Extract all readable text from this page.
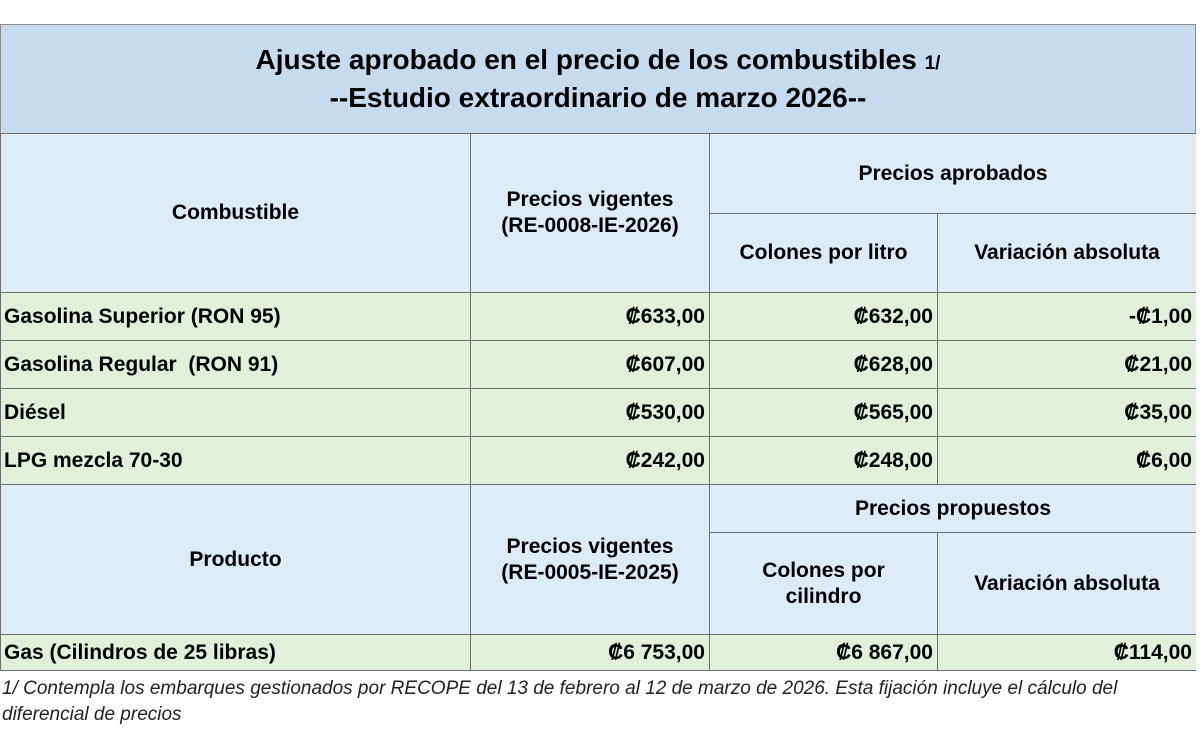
Ajuste aprobado en el precio de los combustibles 1/
--Estudio extraordinario de marzo 2026--
Combustible	Precios vigentes (RE-0008-IE-2026)	Precios aprobados	
		Colones por litro	Variación absoluta
Gasolina Superior (RON 95)	₡633,00	₡632,00	-₡1,00
Gasolina Regular  (RON 91)	₡607,00	₡628,00	₡21,00
Diésel	₡530,00	₡565,00	₡35,00
LPG mezcla 70-30	₡242,00	₡248,00	₡6,00
Producto	Precios vigentes (RE-0005-IE-2025)	Precios propuestos	
		Colones por cilindro	Variación absoluta
Gas (Cilindros de 25 libras)	₡6 753,00	₡6 867,00	₡114,00
1/ Contempla los embarques gestionados por RECOPE del 13 de febrero al 12 de marzo de 2026. Esta fijación incluye el cálculo del diferencial de precios
